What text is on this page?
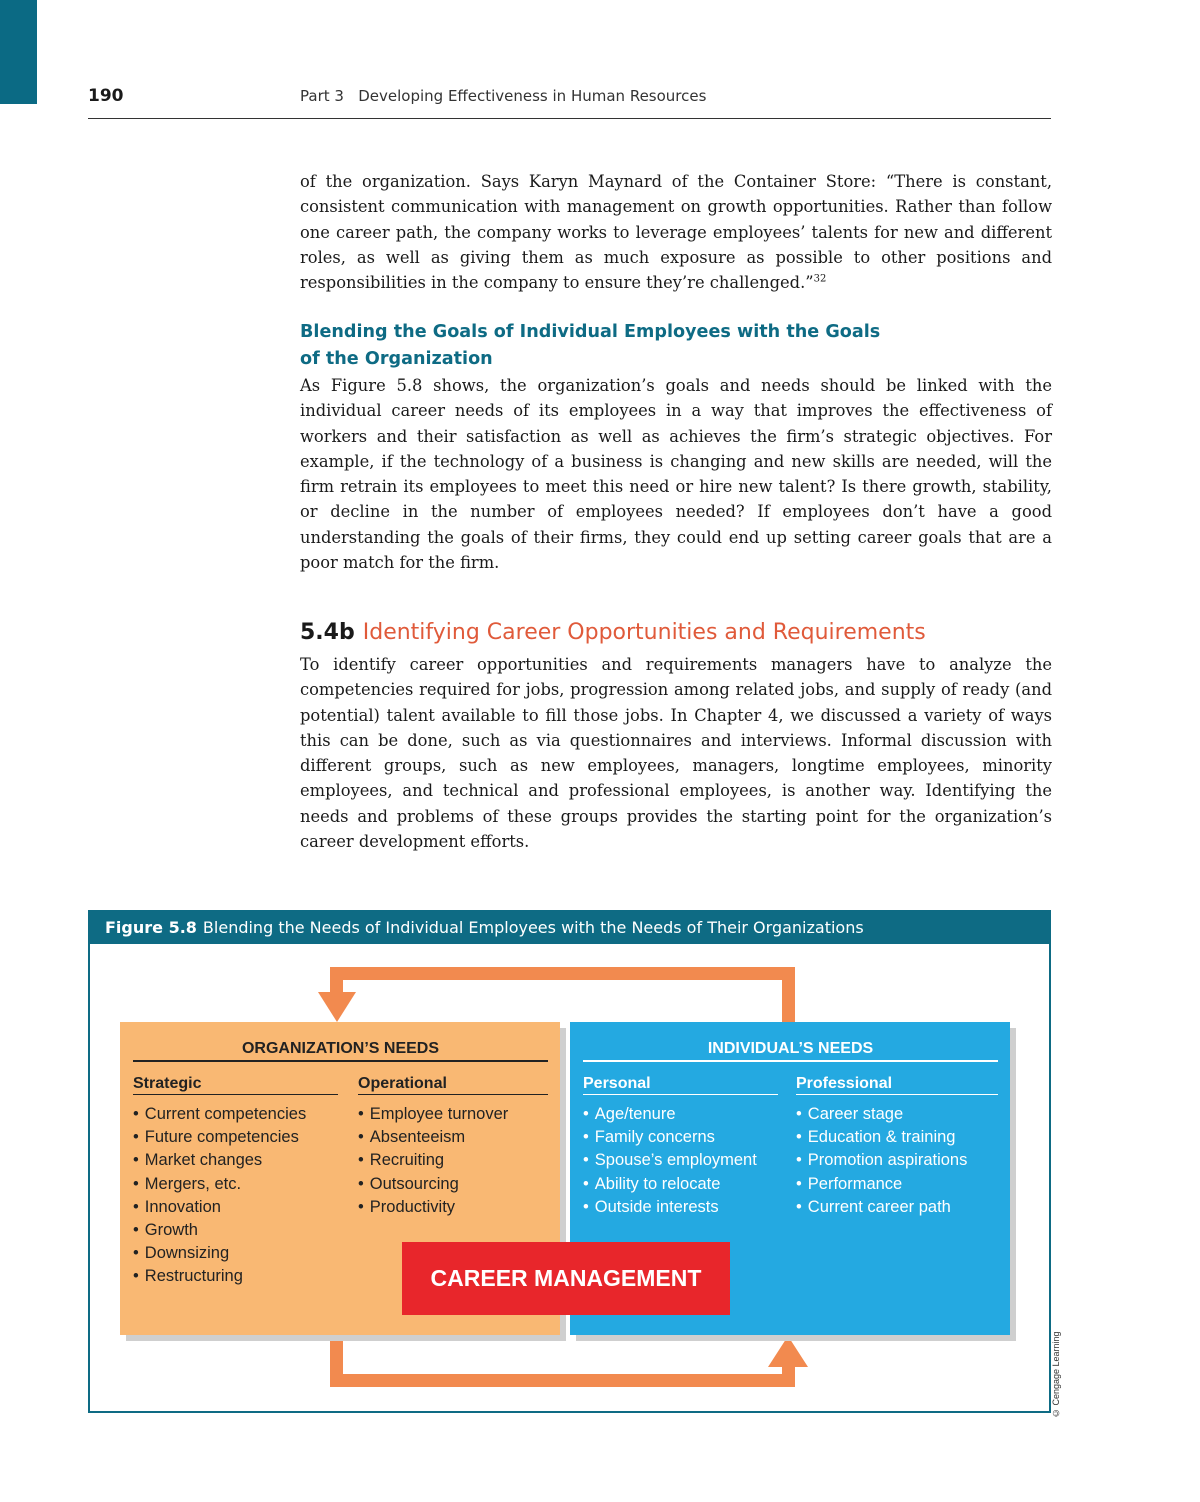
190	Part 3   Developing Effectiveness in Human Resources

of the organization. Says Karyn Maynard of the Container Store: “There is constant, consistent communication with management on growth opportunities. Rather than follow one career path, the company works to leverage employees’ talents for new and different roles, as well as giving them as much exposure as possible to other positions and responsibilities in the company to ensure they’re challenged.”$^{32}$

Blending the Goals of Individual Employees with the Goals
of the Organization

As Figure 5.8 shows, the organization’s goals and needs should be linked with the individual career needs of its employees in a way that improves the effectiveness of workers and their satisfaction as well as achieves the firm’s strategic objectives. For example, if the technology of a business is changing and new skills are needed, will the firm retrain its employees to meet this need or hire new talent? Is there growth, stability, or decline in the number of employees needed? If employees don’t have a good understanding the goals of their firms, they could end up setting career goals that are a poor match for the firm.

5.4b Identifying Career Opportunities and Requirements

To identify career opportunities and requirements managers have to analyze the competencies required for jobs, progression among related jobs, and supply of ready (and potential) talent available to fill those jobs. In Chapter 4, we discussed a variety of ways this can be done, such as via questionnaires and interviews. Informal discussion with different groups, such as new employees, managers, longtime employees, minority employees, and technical and professional employees, is another way. Identifying the needs and problems of these groups provides the starting point for the organization’s career development efforts.

Figure 5.8 Blending the Needs of Individual Employees with the Needs of Their Organizations
ORGANIZATION’S NEEDS
Strategic
• Current competencies
• Future competencies
• Market changes
• Mergers, etc.
• Innovation
• Growth
• Downsizing
• Restructuring
Operational
• Employee turnover
• Absenteeism
• Recruiting
• Outsourcing
• Productivity
INDIVIDUAL’S NEEDS
Personal
• Age/tenure
• Family concerns
• Spouse’s employment
• Ability to relocate
• Outside interests
Professional
• Career stage
• Education & training
• Promotion aspirations
• Performance
• Current career path
CAREER MANAGEMENT
© Cengage Learning
